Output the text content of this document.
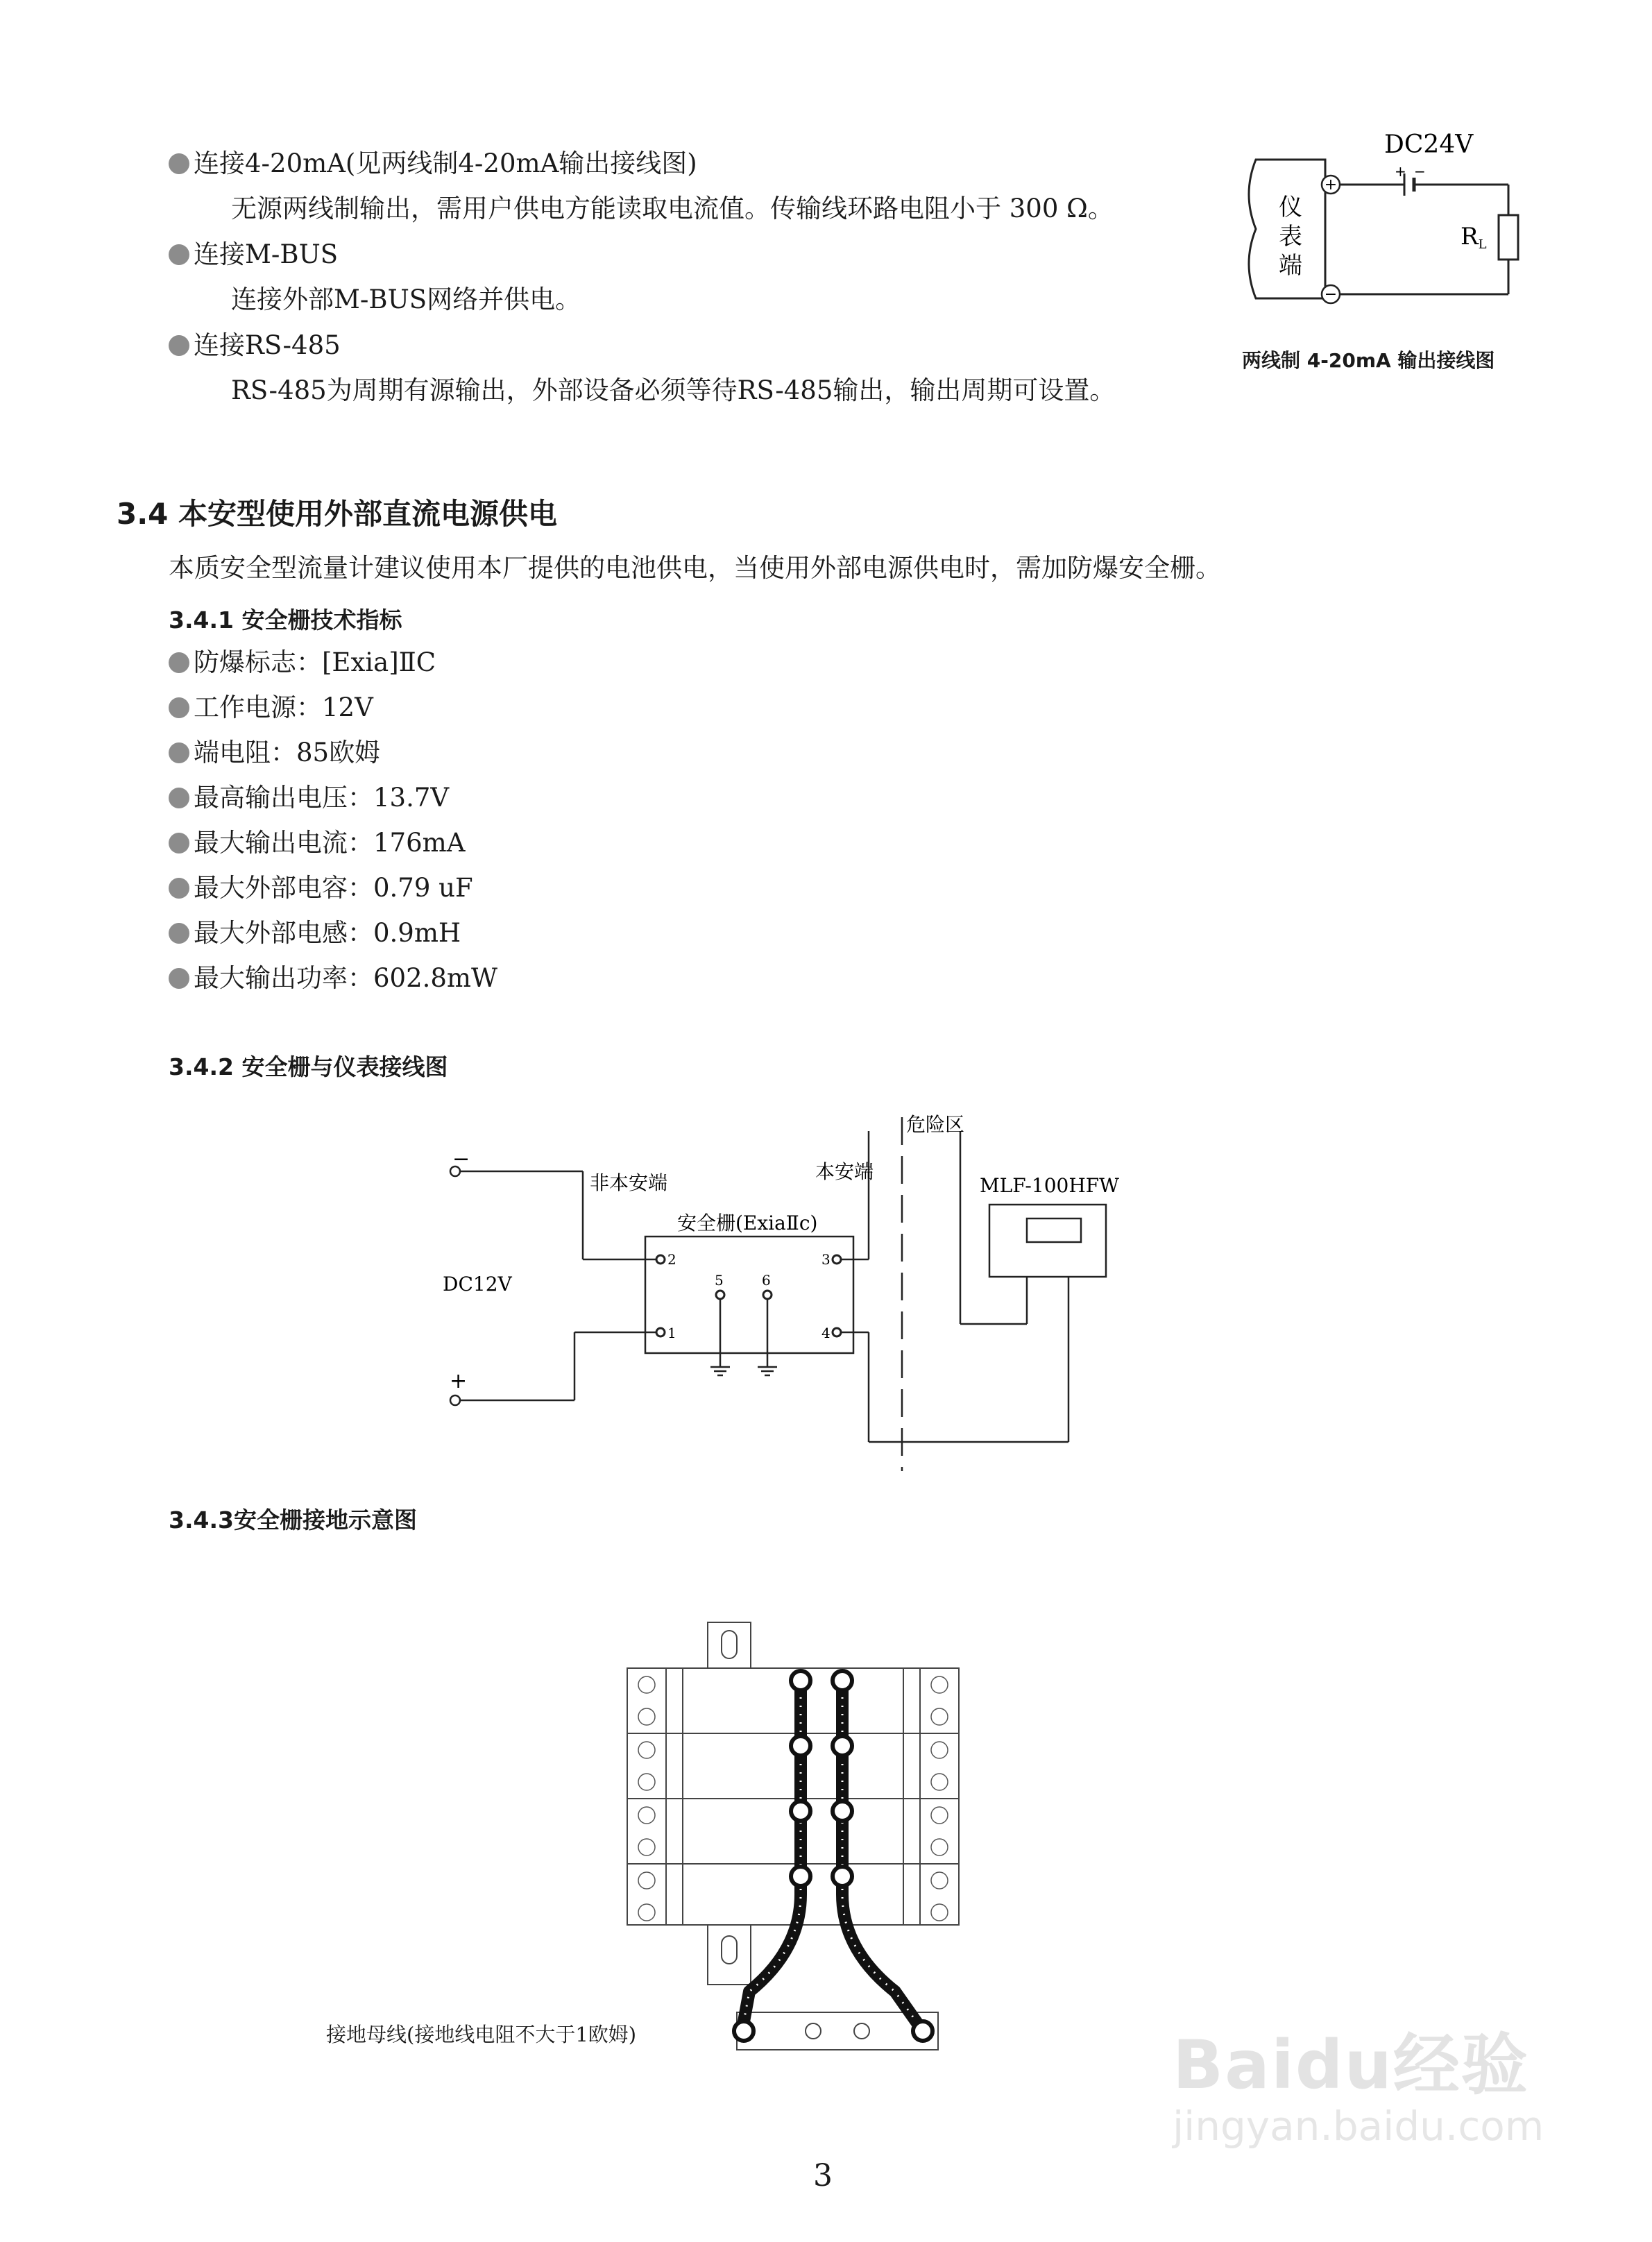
连接4-20mA(见两线制4-20mA输出接线图)
无源两线制输出，需用户供电方能读取电流值。传输线环路电阻小于 300 Ω。
连接M-BUS
连接外部M-BUS网络并供电。
连接RS-485
RS-485为周期有源输出，外部设备必须等待RS-485输出，输出周期可设置。
仪
表
端
+
−
+ −
DC24V
RL
两线制 4-20mA 输出接线图
3.4 本安型使用外部直流电源供电
本质安全型流量计建议使用本厂提供的电池供电，当使用外部电源供电时，需加防爆安全栅。
3.4.1 安全栅技术指标
防爆标志：[Exia]ⅡC
工作电源：12V
端电阻：85欧姆
最高输出电压：13.7V
最大输出电流：176mA
最大外部电容：0.79 uF
最大外部电感：0.9mH
最大输出功率：602.8mW
3.4.2 安全栅与仪表接线图
−
+
DC12V
非本安端	本安端
危险区
安全栅(ExiaⅡc)
MLF-100HFW
2
1
3
4
5	6
3.4.3安全栅接地示意图
接地母线(接地线电阻不大于1欧姆)
3
Baidu经验
jingyan.baidu.com
